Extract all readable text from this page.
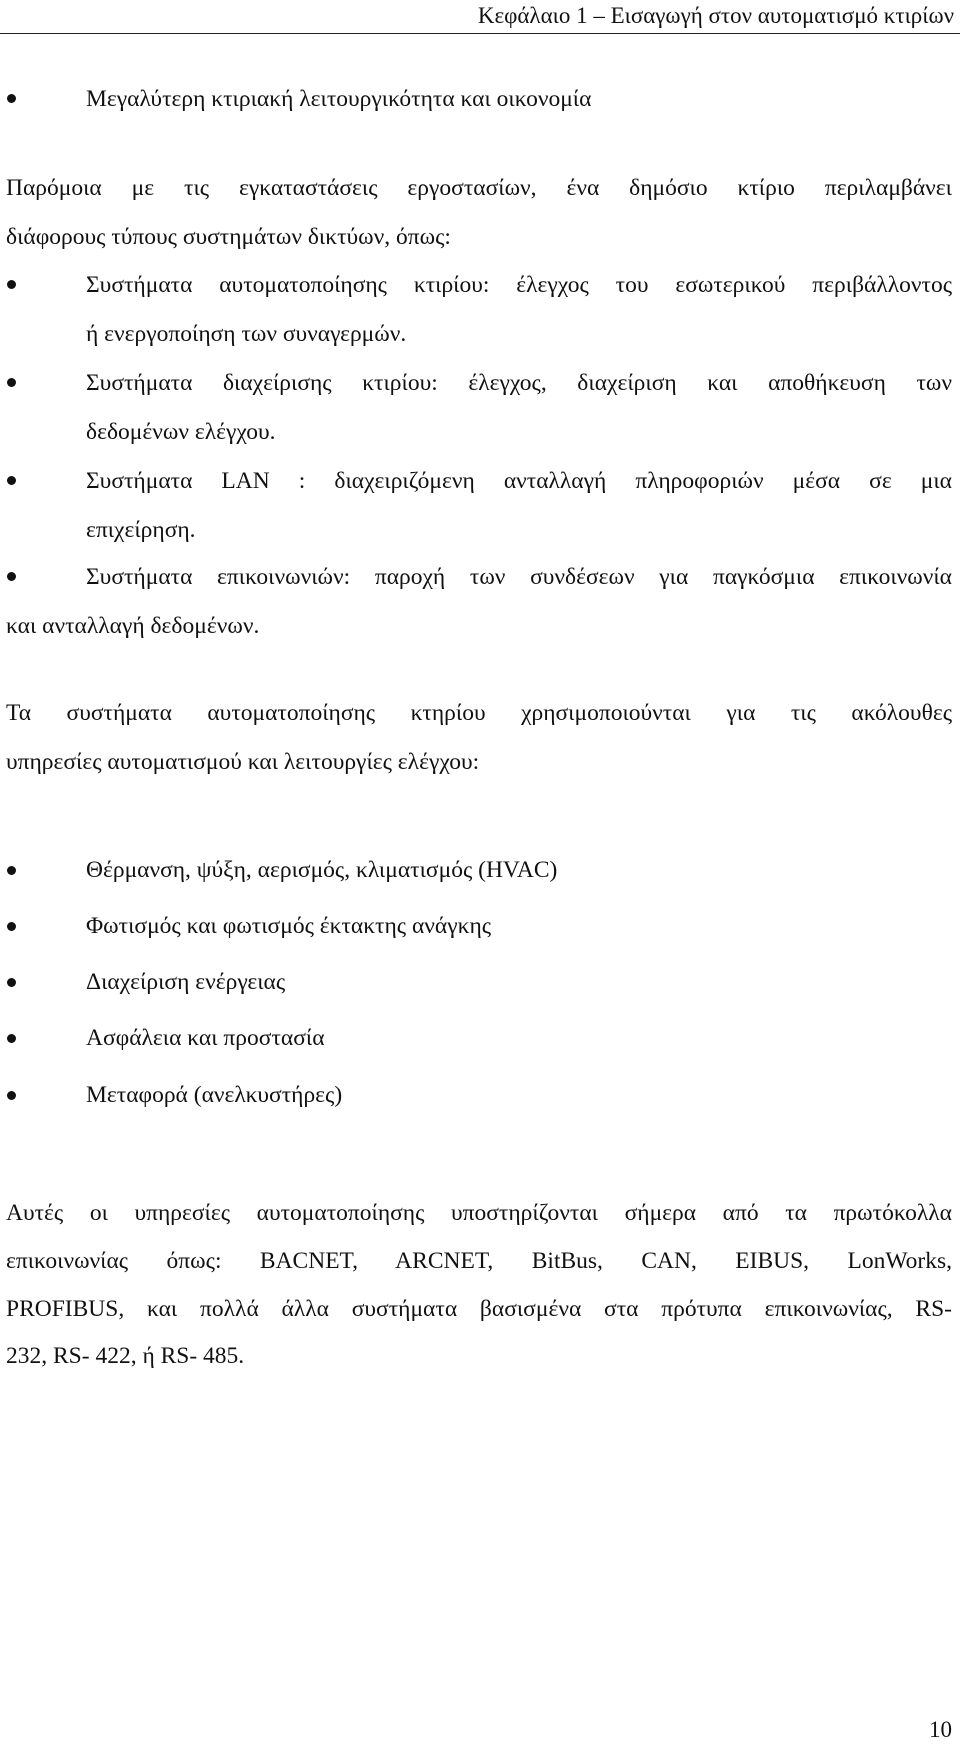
Κεφάλαιο 1 – Εισαγωγή στον αυτοματισμό κτιρίων
Μεγαλύτερη κτιριακή λειτουργικότητα και οικονομία
Παρόμοια με τις εγκαταστάσεις εργοστασίων, ένα δημόσιο κτίριο περιλαμβάνει
διάφορους τύπους συστημάτων δικτύων, όπως:
Συστήματα αυτοματοποίησης κτιρίου: έλεγχος του εσωτερικού περιβάλλοντος
ή ενεργοποίηση των συναγερμών.
Συστήματα διαχείρισης κτιρίου: έλεγχος, διαχείριση και αποθήκευση των
δεδομένων ελέγχου.
Συστήματα LAN : διαχειριζόμενη ανταλλαγή πληροφοριών μέσα σε μια
επιχείρηση.
Συστήματα επικοινωνιών: παροχή των συνδέσεων για παγκόσμια επικοινωνία
και ανταλλαγή δεδομένων.
Τα συστήματα αυτοματοποίησης κτηρίου χρησιμοποιούνται για τις ακόλουθες
υπηρεσίες αυτοματισμού και λειτουργίες ελέγχου:
Θέρμανση, ψύξη, αερισμός, κλιματισμός (HVAC)
Φωτισμός και φωτισμός έκτακτης ανάγκης
Διαχείριση ενέργειας
Ασφάλεια και προστασία
Μεταφορά (ανελκυστήρες)
Αυτές οι υπηρεσίες αυτοματοποίησης υποστηρίζονται σήμερα από τα πρωτόκολλα
επικοινωνίας όπως: BACNET, ARCNET, BitBus, CAN, EIBUS, LonWorks,
PROFIBUS, και πολλά άλλα συστήματα βασισμένα στα πρότυπα επικοινωνίας, RS-
232, RS- 422, ή RS- 485.
10
